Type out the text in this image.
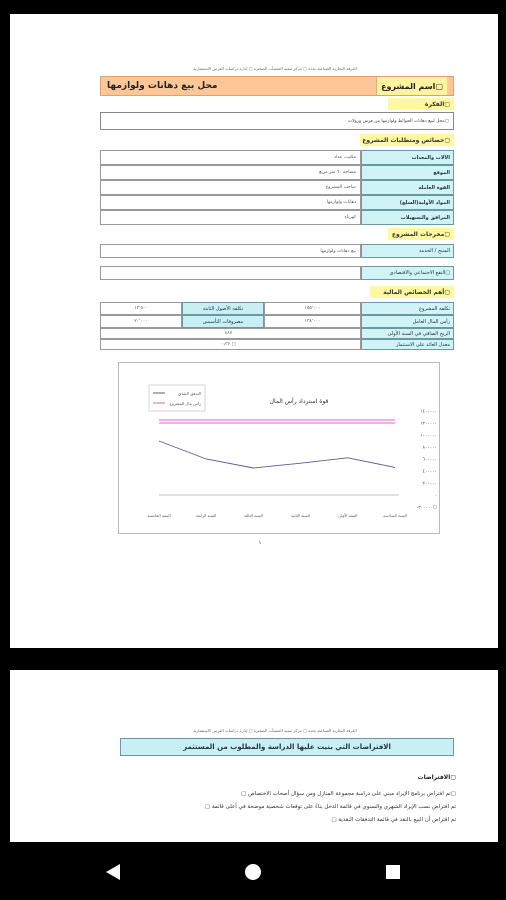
الغرفة التجارية الصناعية بجدة ▢ مركز تنمية المنشآت الصغيرة ▢ إدارة دراسات الفرص الاستثمارية
محل بيع دهانات ولوازمها	اسم المشروع▢
الفكرة▢
محل لبيع دهانات الحوائط ولوازمها من فرش ورولات▢
خصائص ومتطلبات المشروع▢
مكتب، عداد	الآلات والمعدات
مساحة ٦٠ متر مربع	الموقع
صاحب المشروع	القوة العاملة
دهانات ولوازمها	المواد الأولية(السلع)
كهرباء	المرافق والتسهيلات
مخرجات المشروع▢
بيع دهانات ولوازمها	المنتج / الخدمة
النفع الاجتماعي والاقتصادي▢
أهم الخصائص المالية▢
١٣٬٥٠٠	تكلفة الأصول الثابتة	١٥٥٬٠٠٠	تكلفة المشروع
٢٠٬٠٠٠	مصروفات التأسيس	١٣٨٬٠٠٠	رأس المال العامل
٤٨٧	الربح الصافي في السنة الأولى
٠٫٣٧ ▢	معدل العائد على الاستثمار
قوة استرداد رأس المال
التدفق النقدي
رأس مال المشروع
١٤٠٠٠٠٠
١٢٠٠٠٠٠
١٠٠٠٠٠٠
٨٠٠٠٠٠
٦٠٠٠٠٠
٤٠٠٠٠٠
٢٠٠٠٠٠
٠
-٢٠٠٠٠٠▢
السنة الخامسة	السنة الرابعة	السنة الثالثة	السنة الثانية	السنة الأولى	السنة السادسة
١
الغرفة التجارية الصناعية بجدة ▢ مركز تنمية المنشآت الصغيرة ▢ إدارة دراسات الفرص الاستثمارية
الافتراضات التي بنيت عليها الدراسة والمطلوب من المستثمر
الافتراضات▢
▢ تم افتراض برنامج الإيراد مبني على دراسة مجموعة المنازل ومن سؤال أصحاب الاختصاص▢
▢ تم افتراض نسب الإيراد الشهري والسنوي في قائمة الدخل بناءً على توقعات شخصية موضحة في أعلى قائمة
▢ تم افتراض أن البيع بالنقد في قائمة التدفقات النقدية
